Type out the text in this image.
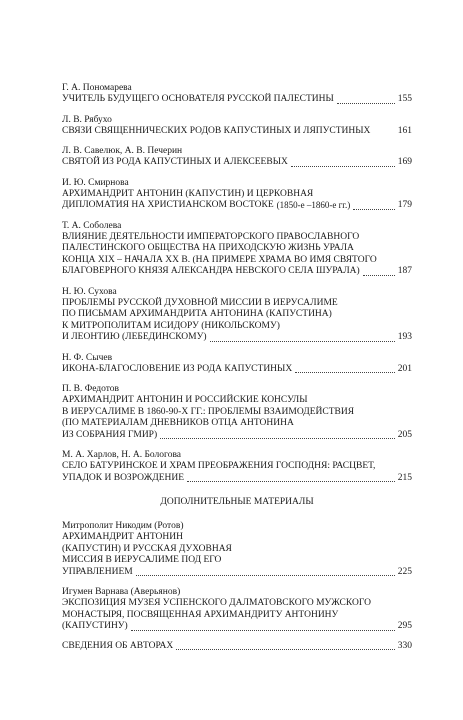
Г. А. Пономарева
УЧИТЕЛЬ БУДУЩЕГО ОСНОВАТЕЛЯ РУССКОЙ ПАЛЕСТИНЫ	155
Л. В. Рябухо
СВЯЗИ СВЯЩЕННИЧЕСКИХ РОДОВ КАПУСТИНЫХ И ЛЯПУСТИНЫХ	161
Л. В. Савелюк, А. В. Печерин
СВЯТОЙ ИЗ РОДА КАПУСТИНЫХ И АЛЕКСЕЕВЫХ	169
И. Ю. Смирнова
АРХИМАНДРИТ АНТОНИН (КАПУСТИН) И ЦЕРКОВНАЯ
ДИПЛОМАТИЯ НА ХРИСТИАНСКОМ ВОСТОКЕ (1850-е –1860-е гг.)	179
Т. А. Соболева
ВЛИЯНИЕ ДЕЯТЕЛЬНОСТИ ИМПЕРАТОРСКОГО ПРАВОСЛАВНОГО
ПАЛЕСТИНСКОГО ОБЩЕСТВА НА ПРИХОДСКУЮ ЖИЗНЬ УРАЛА
КОНЦА XIX – НАЧАЛА XX В. (НА ПРИМЕРЕ ХРАМА ВО ИМЯ СВЯТОГО
БЛАГОВЕРНОГО КНЯЗЯ АЛЕКСАНДРА НЕВСКОГО СЕЛА ШУРАЛА)	187
Н. Ю. Сухова
ПРОБЛЕМЫ РУССКОЙ ДУХОВНОЙ МИССИИ В ИЕРУСАЛИМЕ
ПО ПИСЬМАМ АРХИМАНДРИТА АНТОНИНА (КАПУСТИНА)
К МИТРОПОЛИТАМ ИСИДОРУ (НИКОЛЬСКОМУ)
И ЛЕОНТИЮ (ЛЕБЕДИНСКОМУ)	193
Н. Ф. Сычев
ИКОНА-БЛАГОСЛОВЕНИЕ ИЗ РОДА КАПУСТИНЫХ	201
П. В. Федотов
АРХИМАНДРИТ АНТОНИН И РОССИЙСКИЕ КОНСУЛЫ
В ИЕРУСАЛИМЕ В 1860-90-Х ГГ.: ПРОБЛЕМЫ ВЗАИМОДЕЙСТВИЯ
(ПО МАТЕРИАЛАМ ДНЕВНИКОВ ОТЦА АНТОНИНА
ИЗ СОБРАНИЯ ГМИР)	205
М. А. Харлов, Н. А. Бологова
СЕЛО БАТУРИНСКОЕ И ХРАМ ПРЕОБРАЖЕНИЯ ГОСПОДНЯ: РАСЦВЕТ,
УПАДОК И ВОЗРОЖДЕНИЕ	215
ДОПОЛНИТЕЛЬНЫЕ МАТЕРИАЛЫ
Митрополит Никодим (Ротов)
АРХИМАНДРИТ АНТОНИН
(КАПУСТИН) И РУССКАЯ ДУХОВНАЯ
МИССИЯ В ИЕРУСАЛИМЕ ПОД ЕГО
УПРАВЛЕНИЕМ	225
Игумен Варнава (Аверьянов)
ЭКСПОЗИЦИЯ МУЗЕЯ УСПЕНСКОГО ДАЛМАТОВСКОГО МУЖСКОГО
МОНАСТЫРЯ, ПОСВЯЩЕННАЯ АРХИМАНДРИТУ АНТОНИНУ
(КАПУСТИНУ)	295
СВЕДЕНИЯ ОБ АВТОРАХ	330
